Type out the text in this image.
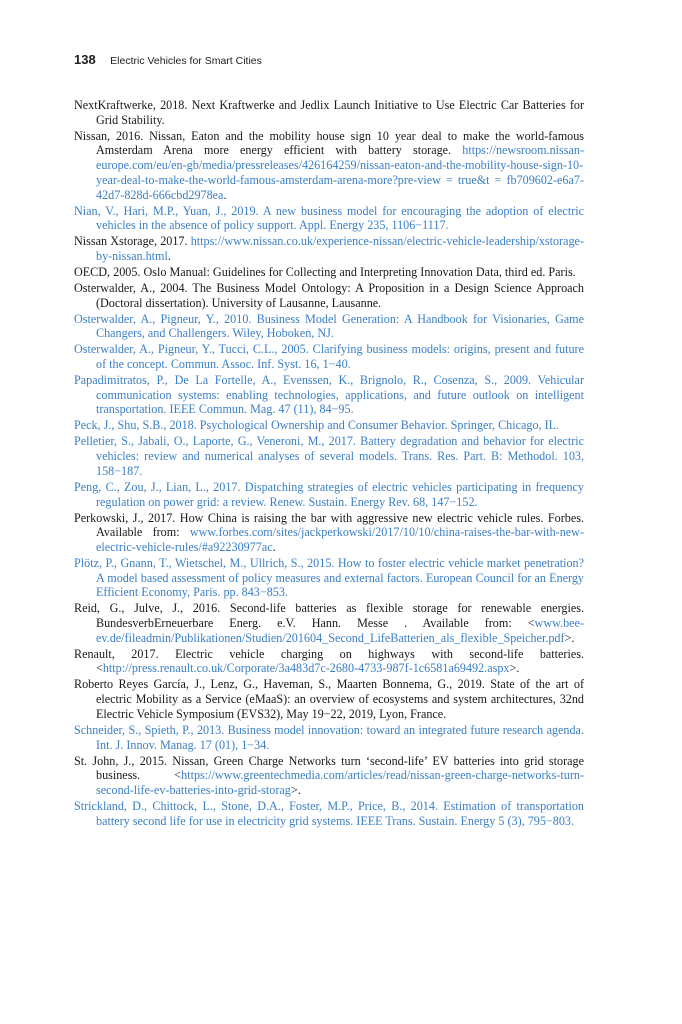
138 Electric Vehicles for Smart Cities

NextKraftwerke, 2018. Next Kraftwerke and Jedlix Launch Initiative to Use Electric Car Batteries for Grid Stability.

Nissan, 2016. Nissan, Eaton and the mobility house sign 10 year deal to make the world-famous Amsterdam Arena more energy efficient with battery storage. https://newsroom.nissan-europe.com/eu/en-gb/media/pressreleases/426164259/nissan-eaton-and-the-mobility-house-sign-10-year-deal-to-make-the-world-famous-amsterdam-arena-more?pre-view = true&t = fb709602-e6a7-42d7-828d-666cbd2978ea.

Nian, V., Hari, M.P., Yuan, J., 2019. A new business model for encouraging the adoption of electric vehicles in the absence of policy support. Appl. Energy 235, 1106−1117.

Nissan Xstorage, 2017. https://www.nissan.co.uk/experience-nissan/electric-vehicle-leadership/xstorage-by-nissan.html.

OECD, 2005. Oslo Manual: Guidelines for Collecting and Interpreting Innovation Data, third ed. Paris.

Osterwalder, A., 2004. The Business Model Ontology: A Proposition in a Design Science Approach (Doctoral dissertation). University of Lausanne, Lausanne.

Osterwalder, A., Pigneur, Y., 2010. Business Model Generation: A Handbook for Visionaries, Game Changers, and Challengers. Wiley, Hoboken, NJ.

Osterwalder, A., Pigneur, Y., Tucci, C.L., 2005. Clarifying business models: origins, present and future of the concept. Commun. Assoc. Inf. Syst. 16, 1−40.

Papadimitratos, P., De La Fortelle, A., Evenssen, K., Brignolo, R., Cosenza, S., 2009. Vehicular communication systems: enabling technologies, applications, and future outlook on intelligent transportation. IEEE Commun. Mag. 47 (11), 84−95.

Peck, J., Shu, S.B., 2018. Psychological Ownership and Consumer Behavior. Springer, Chicago, IL.

Pelletier, S., Jabali, O., Laporte, G., Veneroni, M., 2017. Battery degradation and behavior for electric vehicles: review and numerical analyses of several models. Trans. Res. Part. B: Methodol. 103, 158−187.

Peng, C., Zou, J., Lian, L., 2017. Dispatching strategies of electric vehicles participating in frequency regulation on power grid: a review. Renew. Sustain. Energy Rev. 68, 147−152.

Perkowski, J., 2017. How China is raising the bar with aggressive new electric vehicle rules. Forbes. Available from: www.forbes.com/sites/jackperkowski/2017/10/10/china-raises-the-bar-with-new-electric-vehicle-rules/#a92230977ac.

Plötz, P., Gnann, T., Wietschel, M., Ullrich, S., 2015. How to foster electric vehicle market penetration? A model based assessment of policy measures and external factors. European Council for an Energy Efficient Economy, Paris. pp. 843−853.

Reid, G., Julve, J., 2016. Second-life batteries as flexible storage for renewable energies. BundesverbErneuerbare Energ. e.V. Hann. Messe . Available from: <www.bee-ev.de/fileadmin/Publikationen/Studien/201604_Second_LifeBatterien_als_flexible_Speicher.pdf>.

Renault, 2017. Electric vehicle charging on highways with second-life batteries. <http://press.renault.co.uk/Corporate/3a483d7c-2680-4733-987f-1c6581a69492.aspx>.

Roberto Reyes García, J., Lenz, G., Haveman, S., Maarten Bonnema, G., 2019. State of the art of electric Mobility as a Service (eMaaS): an overview of ecosystems and system architectures, 32nd Electric Vehicle Symposium (EVS32), May 19−22, 2019, Lyon, France.

Schneider, S., Spieth, P., 2013. Business model innovation: toward an integrated future research agenda. Int. J. Innov. Manag. 17 (01), 1−34.

St. John, J., 2015. Nissan, Green Charge Networks turn ‘second-life’ EV batteries into grid storage business. <https://www.greentechmedia.com/articles/read/nissan-green-charge-networks-turn-second-life-ev-batteries-into-grid-storag>.

Strickland, D., Chittock, L., Stone, D.A., Foster, M.P., Price, B., 2014. Estimation of transportation battery second life for use in electricity grid systems. IEEE Trans. Sustain. Energy 5 (3), 795−803.
